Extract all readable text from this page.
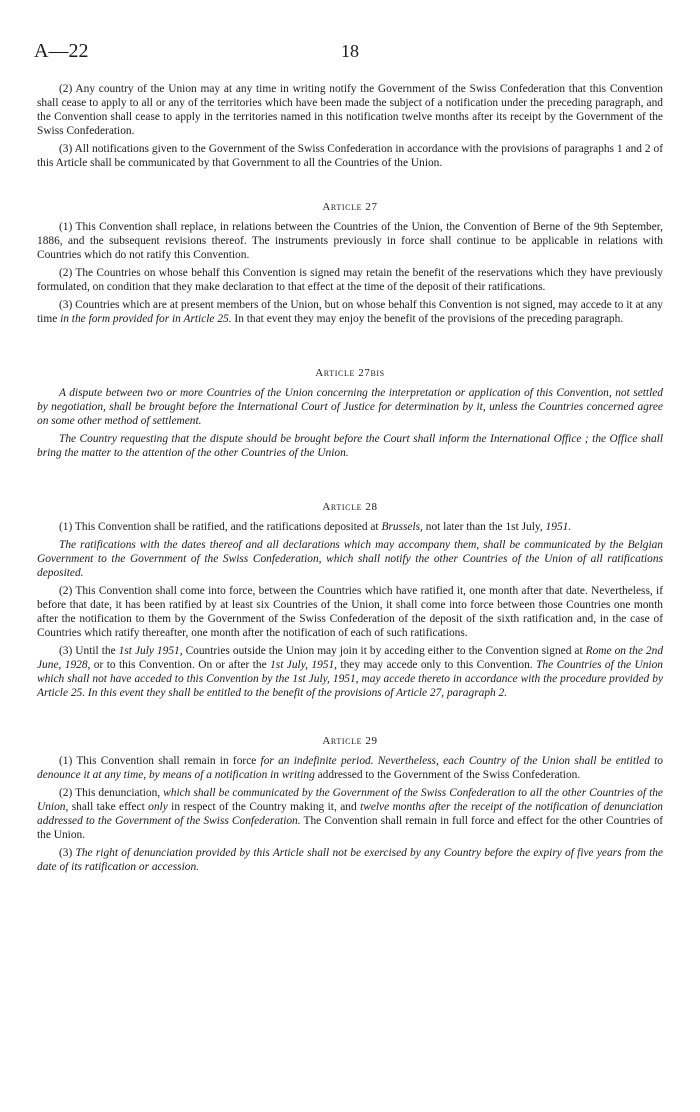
A—22	18

(2) Any country of the Union may at any time in writing notify the Government of the Swiss Confederation that this Convention shall cease to apply to all or any of the territories which have been made the subject of a notification under the preceding paragraph, and the Convention shall cease to apply in the territories named in this notification twelve months after its receipt by the Government of the Swiss Confederation.

(3) All notifications given to the Government of the Swiss Confederation in accordance with the provisions of paragraphs 1 and 2 of this Article shall be communicated by that Government to all the Countries of the Union.

Article 27

(1) This Convention shall replace, in relations between the Countries of the Union, the Convention of Berne of the 9th September, 1886, and the subsequent revisions thereof. The instruments previously in force shall continue to be applicable in relations with Countries which do not ratify this Convention.

(2) The Countries on whose behalf this Convention is signed may retain the benefit of the reservations which they have previously formulated, on condition that they make declaration to that effect at the time of the deposit of their ratifications.

(3) Countries which are at present members of the Union, but on whose behalf this Convention is not signed, may accede to it at any time in the form provided for in Article 25. In that event they may enjoy the benefit of the provisions of the preceding paragraph.

Article 27bis

A dispute between two or more Countries of the Union concerning the interpretation or application of this Convention, not settled by negotiation, shall be brought before the International Court of Justice for determination by it, unless the Countries concerned agree on some other method of settlement.

The Country requesting that the dispute should be brought before the Court shall inform the International Office ; the Office shall bring the matter to the attention of the other Countries of the Union.

Article 28

(1) This Convention shall be ratified, and the ratifications deposited at Brussels, not later than the 1st July, 1951.

The ratifications with the dates thereof and all declarations which may accompany them, shall be communicated by the Belgian Government to the Government of the Swiss Confederation, which shall notify the other Countries of the Union of all ratifications deposited.

(2) This Convention shall come into force, between the Countries which have ratified it, one month after that date. Nevertheless, if before that date, it has been ratified by at least six Countries of the Union, it shall come into force between those Countries one month after the notification to them by the Government of the Swiss Confederation of the deposit of the sixth ratification and, in the case of Countries which ratify thereafter, one month after the notification of each of such ratifications.

(3) Until the 1st July 1951, Countries outside the Union may join it by acceding either to the Convention signed at Rome on the 2nd June, 1928, or to this Convention. On or after the 1st July, 1951, they may accede only to this Convention. The Countries of the Union which shall not have acceded to this Convention by the 1st July, 1951, may accede thereto in accordance with the procedure provided by Article 25. In this event they shall be entitled to the benefit of the provisions of Article 27, paragraph 2.

Article 29

(1) This Convention shall remain in force for an indefinite period. Nevertheless, each Country of the Union shall be entitled to denounce it at any time, by means of a notification in writing addressed to the Government of the Swiss Confederation.

(2) This denunciation, which shall be communicated by the Government of the Swiss Confederation to all the other Countries of the Union, shall take effect only in respect of the Country making it, and twelve months after the receipt of the notification of denunciation addressed to the Government of the Swiss Confederation. The Convention shall remain in full force and effect for the other Countries of the Union.

(3) The right of denunciation provided by this Article shall not be exercised by any Country before the expiry of five years from the date of its ratification or accession.
